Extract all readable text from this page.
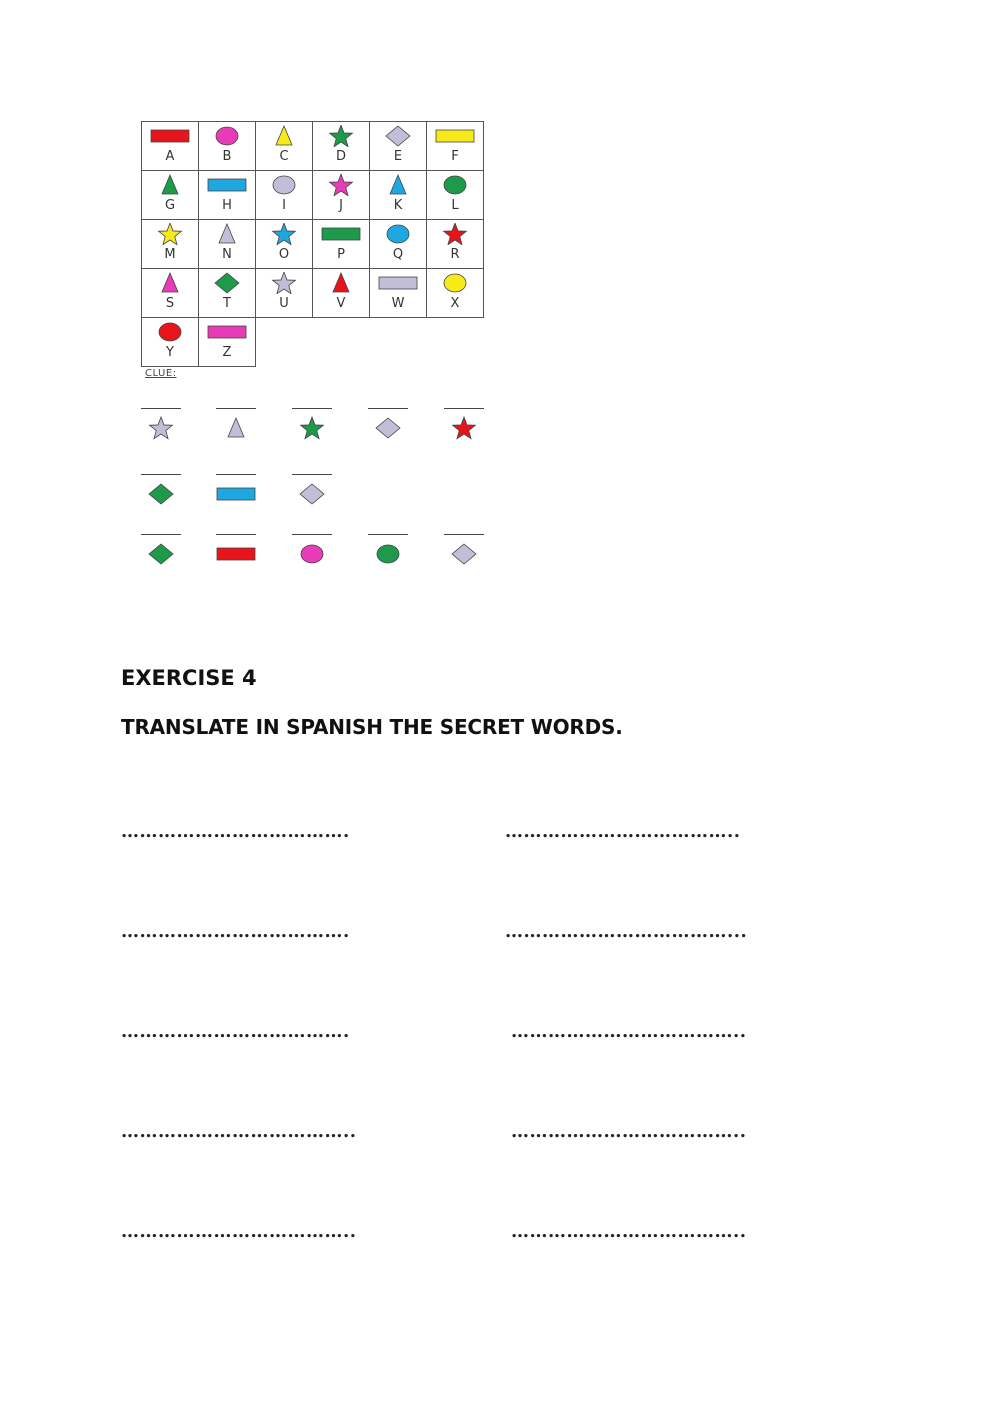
A	B	C	D	E	F
G	H	I	J	K	L
M	N	O	P	Q	R
S	T	U	V	W	X
Y	Z
CLUE:
EXERCISE 4

TRANSLATE IN SPANISH THE SECRET WORDS.

……………………………….	………………………………..
……………………………….	………………………………...
……………………………….	………………………………..
………………………………..	………………………………..
………………………………..	………………………………..
